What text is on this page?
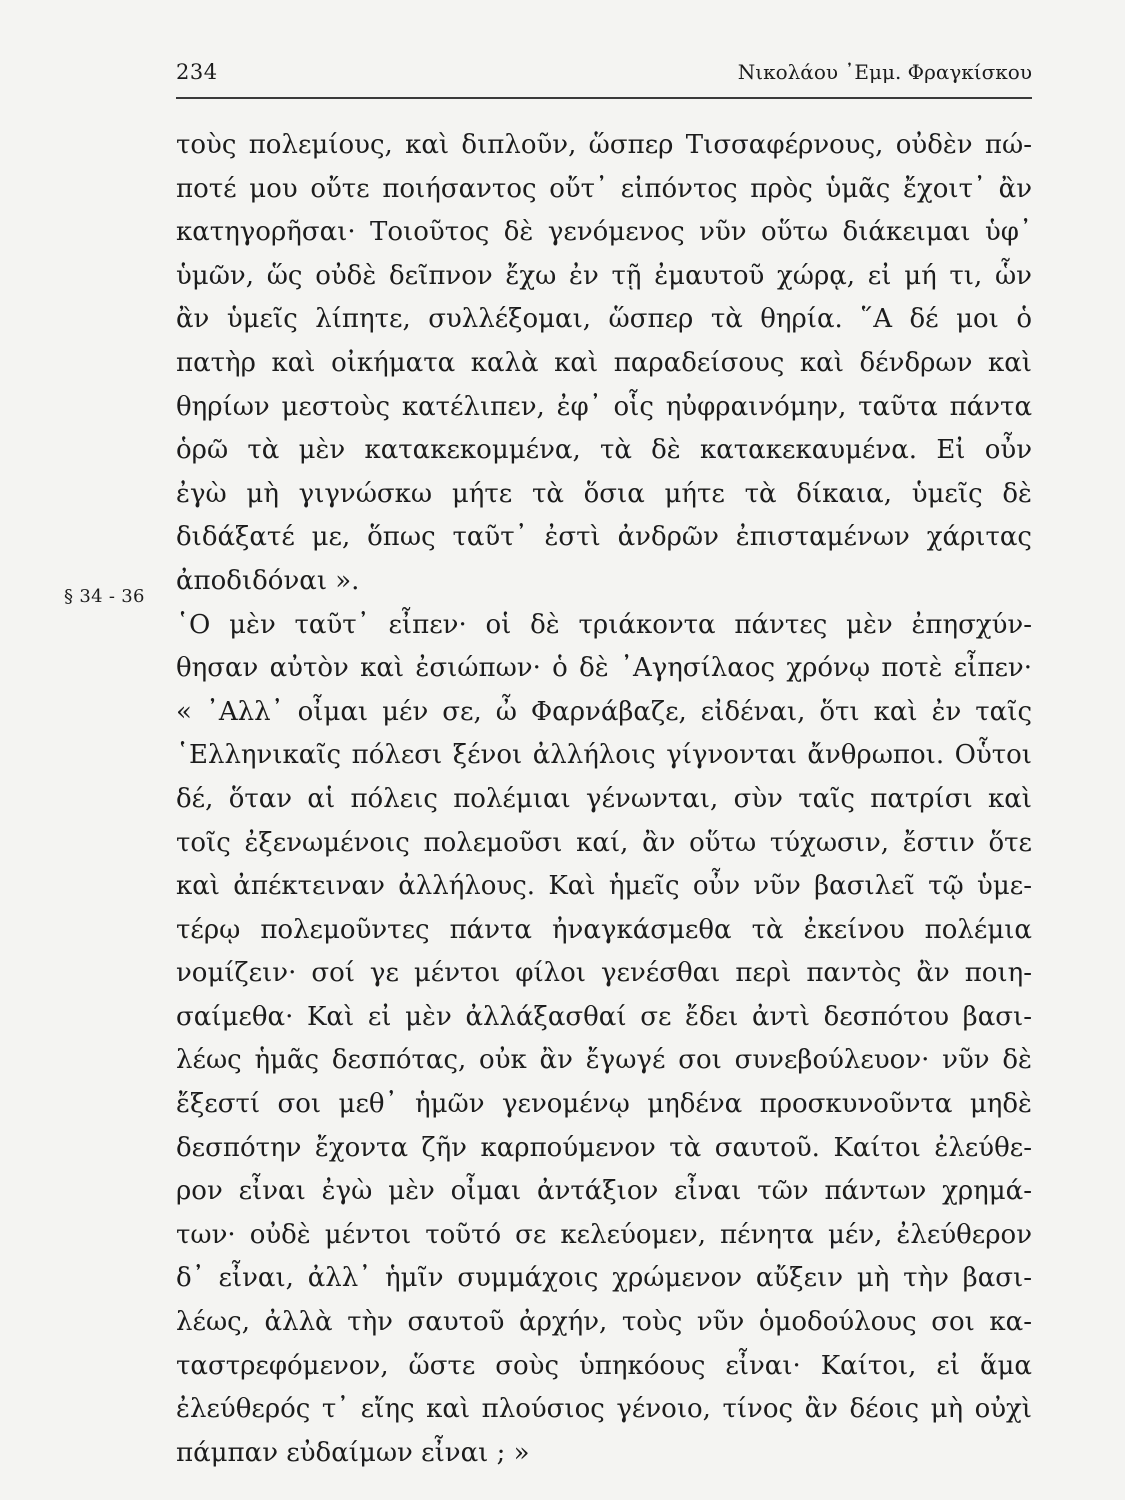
234	Νικολάου ᾿Εμμ. Φραγκίσκου
§ 34 - 36
τοὺς πολεμίους, καὶ διπλοῦν, ὥσπερ Τισσαφέρνους, οὐδὲν πώ-
ποτέ μου οὔτε ποιήσαντος οὔτ᾿ εἰπόντος πρὸς ὑμᾶς ἔχοιτ᾿ ἂν
κατηγορῆσαι· Τοιοῦτος δὲ γενόμενος νῦν οὕτω διάκειμαι ὑφ᾿
ὑμῶν, ὥς οὐδὲ δεῖπνον ἔχω ἐν τῇ ἐμαυτοῦ χώρᾳ, εἰ μή τι, ὧν
ἂν ὑμεῖς λίπητε, συλλέξομαι, ὥσπερ τὰ θηρία. ῞Α δέ μοι ὁ
πατὴρ καὶ οἰκήματα καλὰ καὶ παραδείσους καὶ δένδρων καὶ
θηρίων μεστοὺς κατέλιπεν, ἐφ᾿ οἷς ηὐφραινόμην, ταῦτα πάντα
ὁρῶ τὰ μὲν κατακεκομμένα, τὰ δὲ κατακεκαυμένα. Εἰ οὖν
ἐγὼ μὴ γιγνώσκω μήτε τὰ ὅσια μήτε τὰ δίκαια, ὑμεῖς δὲ
διδάξατέ με, ὅπως ταῦτ᾿ ἐστὶ ἀνδρῶν ἐπισταμένων χάριτας
ἀποδιδόναι ».
῾Ο μὲν ταῦτ᾿ εἶπεν· οἱ δὲ τριάκοντα πάντες μὲν ἐπησχύν-
θησαν αὐτὸν καὶ ἐσιώπων· ὁ δὲ ᾿Αγησίλαος χρόνῳ ποτὲ εἶπεν·
« ᾿Αλλ᾿ οἶμαι μέν σε, ὦ Φαρνάβαζε, εἰδέναι, ὅτι καὶ ἐν ταῖς
῾Ελληνικαῖς πόλεσι ξένοι ἀλλήλοις γίγνονται ἄνθρωποι. Οὗτοι
δέ, ὅταν αἱ πόλεις πολέμιαι γένωνται, σὺν ταῖς πατρίσι καὶ
τοῖς ἐξενωμένοις πολεμοῦσι καί, ἂν οὕτω τύχωσιν, ἔστιν ὅτε
καὶ ἀπέκτειναν ἀλλήλους. Καὶ ἡμεῖς οὖν νῦν βασιλεῖ τῷ ὑμε-
τέρῳ πολεμοῦντες πάντα ἠναγκάσμεθα τὰ ἐκείνου πολέμια
νομίζειν· σοί γε μέντοι φίλοι γενέσθαι περὶ παντὸς ἂν ποιη-
σαίμεθα· Καὶ εἰ μὲν ἀλλάξασθαί σε ἔδει ἀντὶ δεσπότου βασι-
λέως ἡμᾶς δεσπότας, οὐκ ἂν ἔγωγέ σοι συνεβούλευον· νῦν δὲ
ἔξεστί σοι μεθ᾿ ἡμῶν γενομένῳ μηδένα προσκυνοῦντα μηδὲ
δεσπότην ἔχοντα ζῆν καρπούμενον τὰ σαυτοῦ. Καίτοι ἐλεύθε-
ρον εἶναι ἐγὼ μὲν οἶμαι ἀντάξιον εἶναι τῶν πάντων χρημά-
των· οὐδὲ μέντοι τοῦτό σε κελεύομεν, πένητα μέν, ἐλεύθερον
δ᾿ εἶναι, ἀλλ᾿ ἡμῖν συμμάχοις χρώμενον αὔξειν μὴ τὴν βασι-
λέως, ἀλλὰ τὴν σαυτοῦ ἀρχήν, τοὺς νῦν ὁμοδούλους σοι κα-
ταστρεφόμενον, ὥστε σοὺς ὑπηκόους εἶναι· Καίτοι, εἰ ἅμα
ἐλεύθερός τ᾿ εἴης καὶ πλούσιος γένοιο, τίνος ἂν δέοις μὴ οὐχὶ
πάμπαν εὐδαίμων εἶναι ; »
